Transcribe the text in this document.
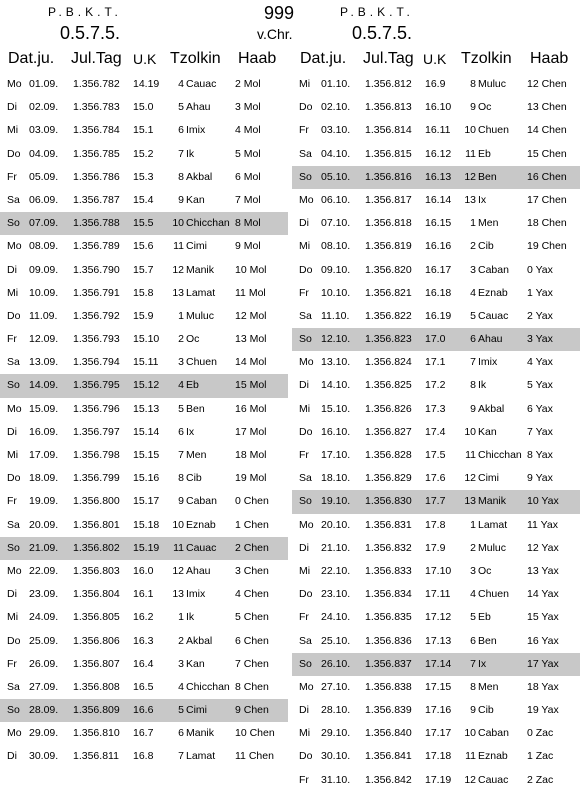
P.B.K.T.
0.5.7.5.
999
v.Chr.
P.B.K.T.
0.5.7.5.
Dat.ju. Jul.Tag U.K Tzolkin Haab Dat.ju. Jul.Tag U.K Tzolkin Haab
Mo 01.09. 1.356.782 14.19	4 Cauac 2 Mol
Di 02.09. 1.356.783 15.0	5 Ahau 3 Mol
Mi 03.09. 1.356.784 15.1	6 Imix	4 Mol
Do 04.09. 1.356.785 15.2	7 Ik	5 Mol
Fr 05.09. 1.356.786 15.3	8 Akbal 6 Mol
Sa 06.09. 1.356.787 15.4	9 Kan	7 Mol
So 07.09. 1.356.788 15.5 10 Chicchan 8 Mol
Mo 08.09. 1.356.789 15.6 11 Cimi	9 Mol
Di 09.09. 1.356.790 15.7 12 Manik 10 Mol
Mi 10.09. 1.356.791 15.8 13 Lamat 11 Mol
Do 11.09. 1.356.792 15.9	1 Muluc 12 Mol
Fr 12.09. 1.356.793 15.10	2 Oc	13 Mol
Sa 13.09. 1.356.794 15.11	3 Chuen 14 Mol
So 14.09. 1.356.795 15.12	4 Eb	15 Mol
Mo 15.09. 1.356.796 15.13	5 Ben	16 Mol
Di 16.09. 1.356.797 15.14	6 Ix	17 Mol
Mi 17.09. 1.356.798 15.15	7 Men	18 Mol
Do 18.09. 1.356.799 15.16	8 Cib	19 Mol
Fr 19.09. 1.356.800 15.17	9 Caban 0 Chen
Sa 20.09. 1.356.801 15.18 10 Eznab 1 Chen
So 21.09. 1.356.802 15.19 11 Cauac 2 Chen
Mo 22.09. 1.356.803 16.0 12 Ahau 3 Chen
Di 23.09. 1.356.804 16.1 13 Imix	4 Chen
Mi 24.09. 1.356.805 16.2	1 Ik	5 Chen
Do 25.09. 1.356.806 16.3	2 Akbal 6 Chen
Fr 26.09. 1.356.807 16.4	3 Kan	7 Chen
Sa 27.09. 1.356.808 16.5	4 Chicchan 8 Chen
So 28.09. 1.356.809 16.6	5 Cimi	9 Chen
Mo 29.09. 1.356.810 16.7	6 Manik 10 Chen
Di 30.09. 1.356.811 16.8	7 Lamat 11 Chen
Mi 01.10. 1.356.812 16.9	8 Muluc 12 Chen
Do 02.10. 1.356.813 16.10	9 Oc	13 Chen
Fr 03.10. 1.356.814 16.11 10 Chuen 14 Chen
Sa 04.10. 1.356.815 16.12 11 Eb	15 Chen
So 05.10. 1.356.816 16.13 12 Ben	16 Chen
Mo 06.10. 1.356.817 16.14 13 Ix	17 Chen
Di 07.10. 1.356.818 16.15	1 Men	18 Chen
Mi 08.10. 1.356.819 16.16	2 Cib	19 Chen
Do 09.10. 1.356.820 16.17	3 Caban 0 Yax
Fr 10.10. 1.356.821 16.18	4 Eznab 1 Yax
Sa 11.10. 1.356.822 16.19	5 Cauac 2 Yax
So 12.10. 1.356.823 17.0	6 Ahau 3 Yax
Mo 13.10. 1.356.824 17.1	7 Imix	4 Yax
Di 14.10. 1.356.825 17.2	8 Ik	5 Yax
Mi 15.10. 1.356.826 17.3	9 Akbal 6 Yax
Do 16.10. 1.356.827 17.4 10 Kan	7 Yax
Fr 17.10. 1.356.828 17.5 11 Chicchan 8 Yax
Sa 18.10. 1.356.829 17.6 12 Cimi	9 Yax
So 19.10. 1.356.830 17.7 13 Manik 10 Yax
Mo 20.10. 1.356.831 17.8	1 Lamat 11 Yax
Di 21.10. 1.356.832 17.9	2 Muluc 12 Yax
Mi 22.10. 1.356.833 17.10	3 Oc	13 Yax
Do 23.10. 1.356.834 17.11	4 Chuen 14 Yax
Fr 24.10. 1.356.835 17.12	5 Eb	15 Yax
Sa 25.10. 1.356.836 17.13	6 Ben	16 Yax
So 26.10. 1.356.837 17.14	7 Ix	17 Yax
Mo 27.10. 1.356.838 17.15	8 Men	18 Yax
Di 28.10. 1.356.839 17.16	9 Cib	19 Yax
Mi 29.10. 1.356.840 17.17 10 Caban 0 Zac
Do 30.10. 1.356.841 17.18 11 Eznab 1 Zac
Fr 31.10. 1.356.842 17.19 12 Cauac 2 Zac
